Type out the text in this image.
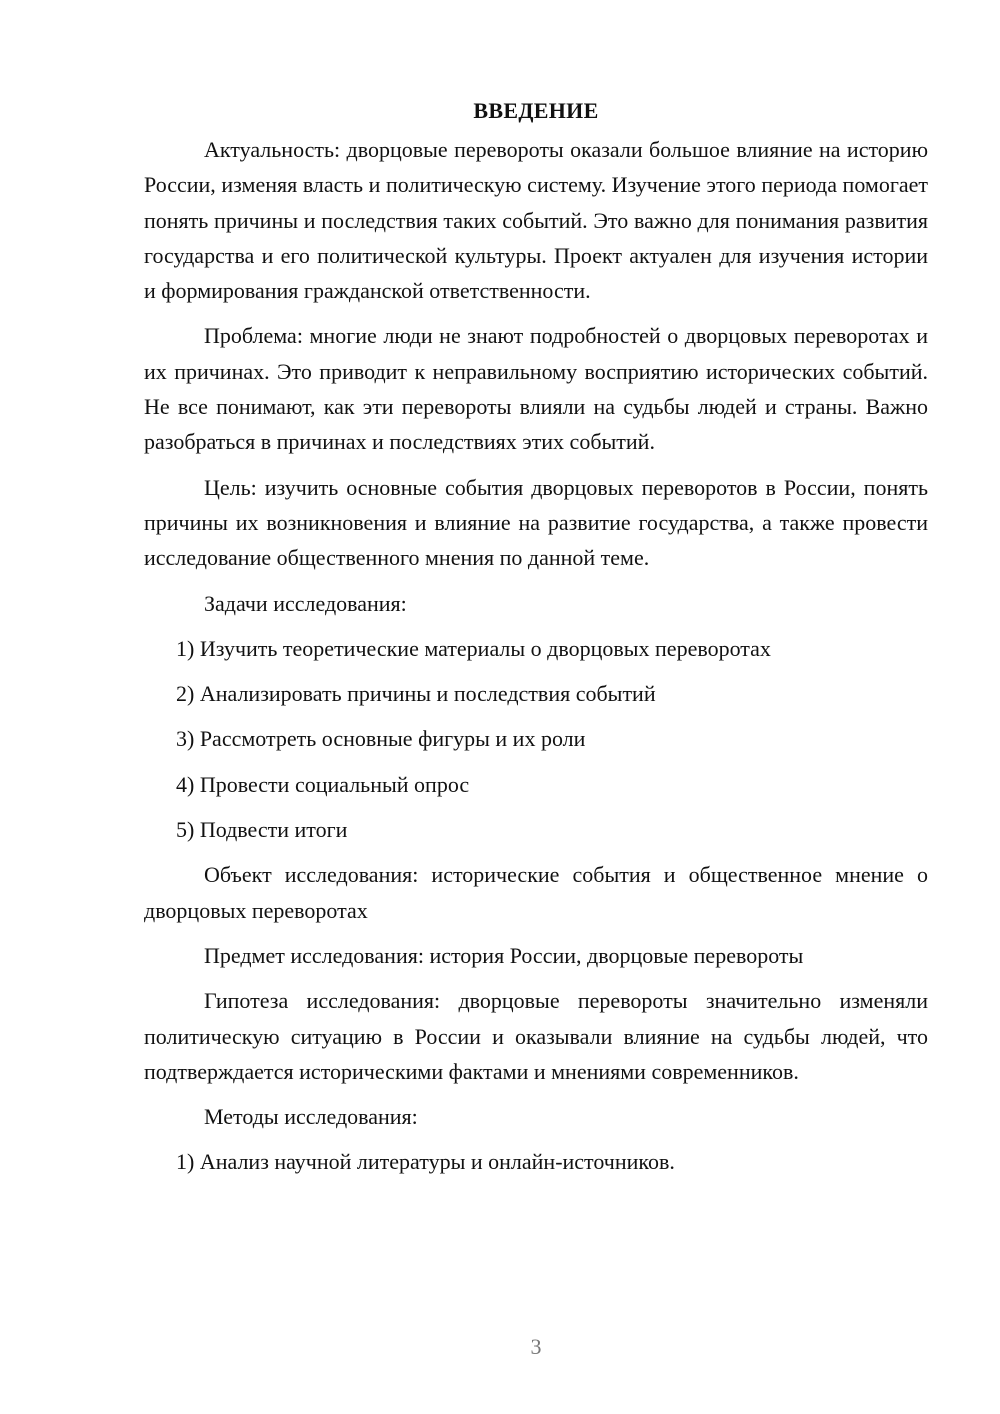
ВВЕДЕНИЕ

Актуальность: дворцовые перевороты оказали большое влияние на историю России, изменяя власть и политическую систему. Изучение этого периода помогает понять причины и последствия таких событий. Это важно для понимания развития государства и его политической культуры. Проект актуален для изучения истории и формирования гражданской ответственности.

Проблема: многие люди не знают подробностей о дворцовых переворотах и их причинах. Это приводит к неправильному восприятию исторических событий. Не все понимают, как эти перевороты влияли на судьбы людей и страны. Важно разобраться в причинах и последствиях этих событий.

Цель: изучить основные события дворцовых переворотов в России, понять причины их возникновения и влияние на развитие государства, а также провести исследование общественного мнения по данной теме.

Задачи исследования:
1) Изучить теоретические материалы о дворцовых переворотах
2) Анализировать причины и последствия событий
3) Рассмотреть основные фигуры и их роли
4) Провести социальный опрос
5) Подвести итоги

Объект исследования: исторические события и общественное мнение о дворцовых переворотах

Предмет исследования: история России, дворцовые перевороты

Гипотеза исследования: дворцовые перевороты значительно изменяли политическую ситуацию в России и оказывали влияние на судьбы людей, что подтверждается историческими фактами и мнениями современников.

Методы исследования:
1) Анализ научной литературы и онлайн-источников.
3
